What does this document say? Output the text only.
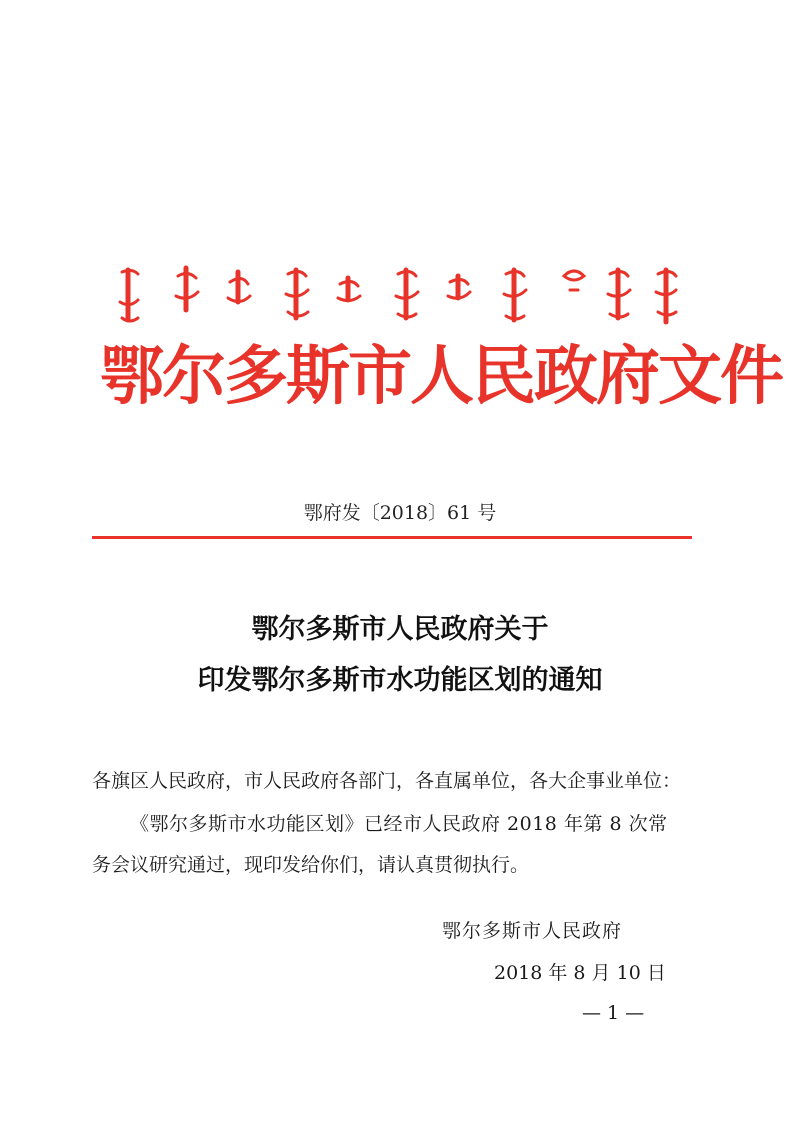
鄂尔多斯市人民政府文件
鄂府发〔2018〕61 号
鄂尔多斯市人民政府关于
印发鄂尔多斯市水功能区划的通知
各旗区人民政府，市人民政府各部门，各直属单位，各大企事业单位：
《鄂尔多斯市水功能区划》已经市人民政府 2018 年第 8 次常
务会议研究通过，现印发给你们，请认真贯彻执行。
鄂尔多斯市人民政府
2018 年 8 月 10 日
— 1 —
